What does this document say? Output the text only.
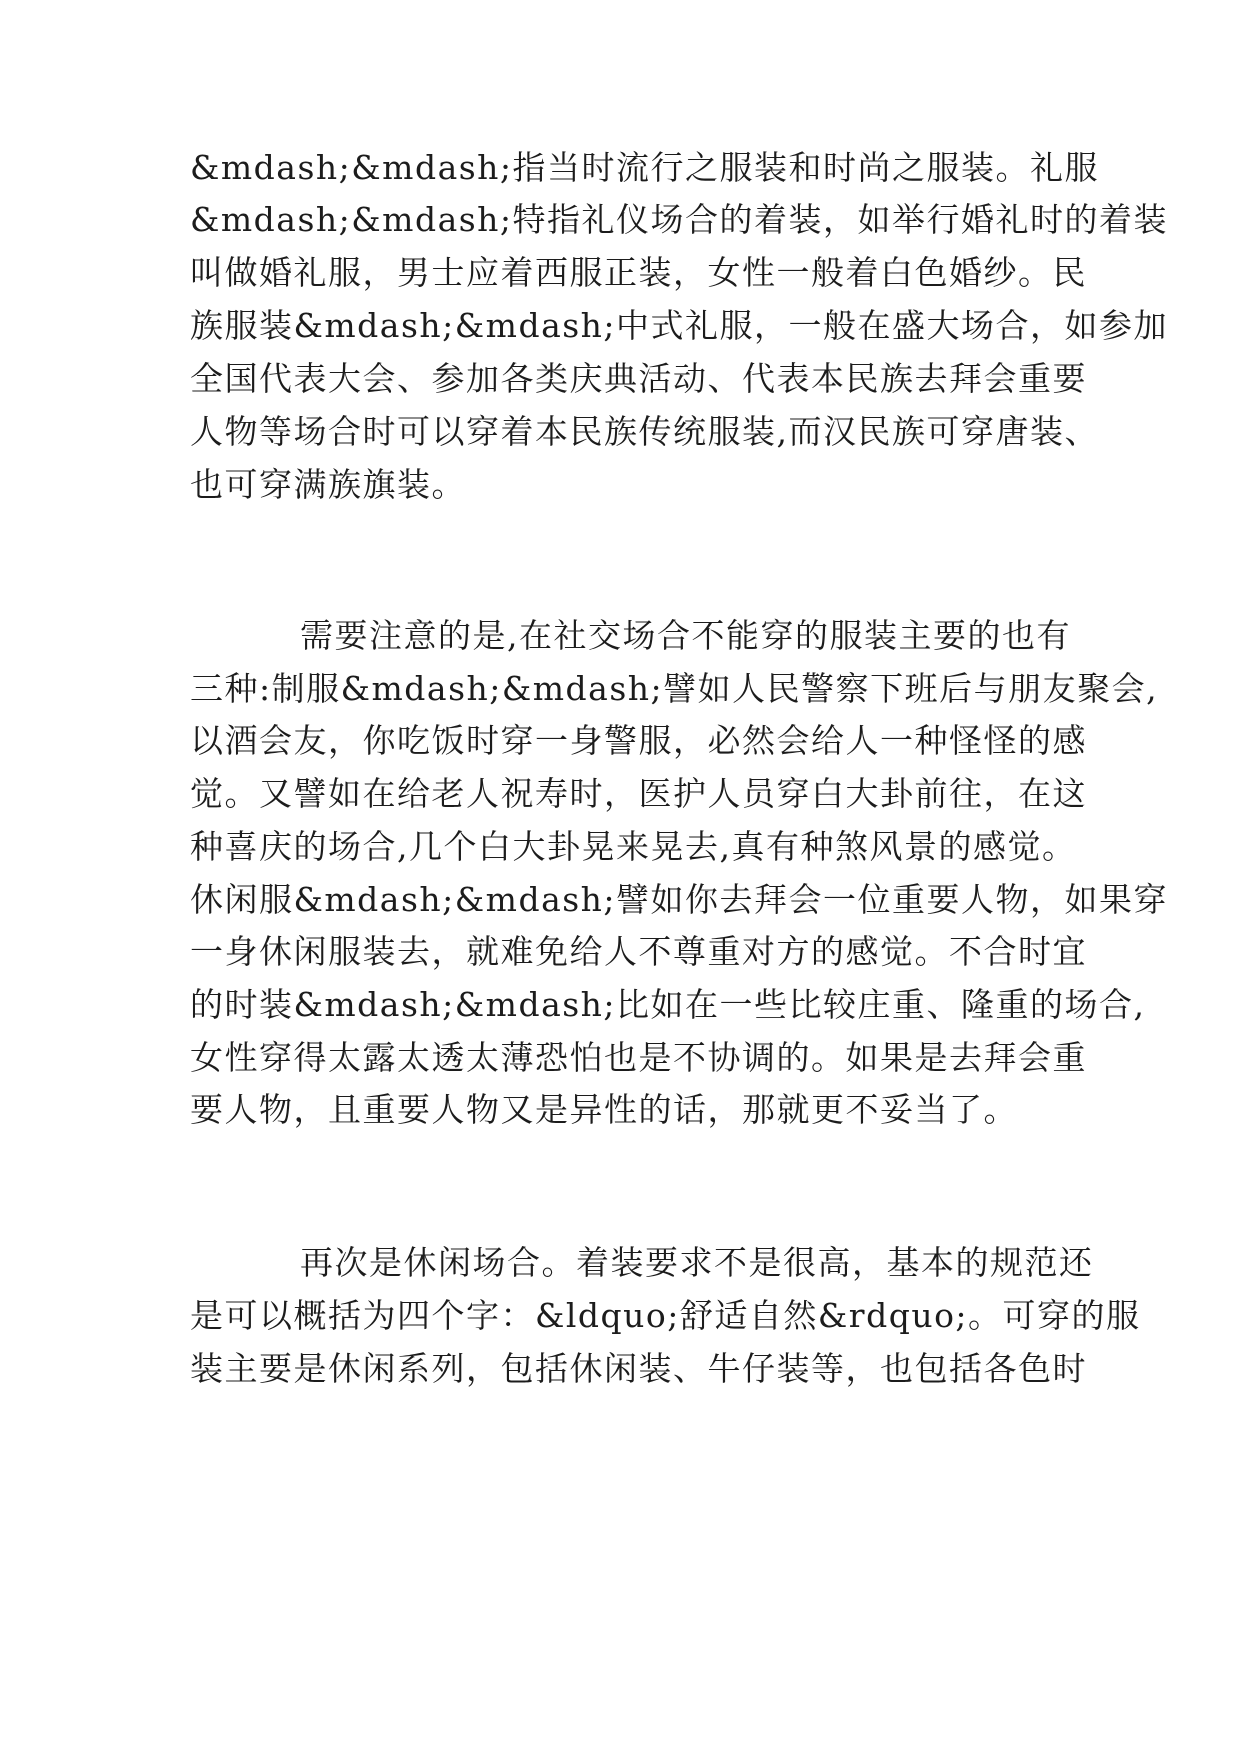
&mdash;&mdash;指当时流行之服装和时尚之服装。礼服
&mdash;&mdash;特指礼仪场合的着装，如举行婚礼时的着装
叫做婚礼服，男士应着西服正装，女性一般着白色婚纱。民
族服装&mdash;&mdash;中式礼服，一般在盛大场合，如参加
全国代表大会、参加各类庆典活动、代表本民族去拜会重要
人物等场合时可以穿着本民族传统服装,而汉民族可穿唐装、
也可穿满族旗装。
需要注意的是,在社交场合不能穿的服装主要的也有
三种:制服&mdash;&mdash;譬如人民警察下班后与朋友聚会,
以酒会友，你吃饭时穿一身警服，必然会给人一种怪怪的感
觉。又譬如在给老人祝寿时，医护人员穿白大卦前往，在这
种喜庆的场合,几个白大卦晃来晃去,真有种煞风景的感觉。
休闲服&mdash;&mdash;譬如你去拜会一位重要人物，如果穿
一身休闲服装去，就难免给人不尊重对方的感觉。不合时宜
的时装&mdash;&mdash;比如在一些比较庄重、隆重的场合,
女性穿得太露太透太薄恐怕也是不协调的。如果是去拜会重
要人物，且重要人物又是异性的话，那就更不妥当了。
再次是休闲场合。着装要求不是很高，基本的规范还
是可以概括为四个字：&ldquo;舒适自然&rdquo;。可穿的服
装主要是休闲系列，包括休闲装、牛仔装等，也包括各色时
